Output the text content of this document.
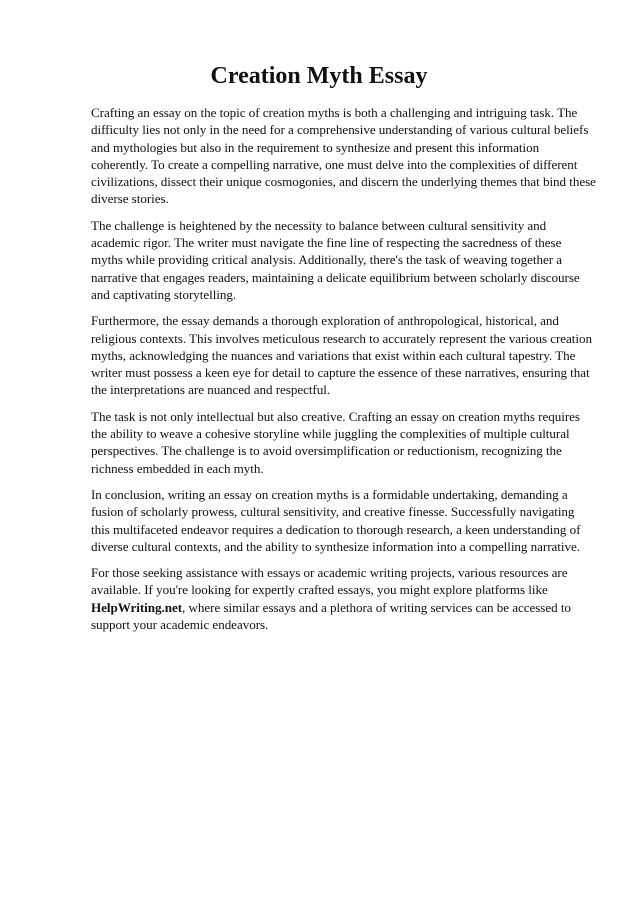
Creation Myth Essay

Crafting an essay on the topic of creation myths is both a challenging and intriguing task. The difficulty lies not only in the need for a comprehensive understanding of various cultural beliefs and mythologies but also in the requirement to synthesize and present this information coherently. To create a compelling narrative, one must delve into the complexities of different civilizations, dissect their unique cosmogonies, and discern the underlying themes that bind these diverse stories.

The challenge is heightened by the necessity to balance between cultural sensitivity and academic rigor. The writer must navigate the fine line of respecting the sacredness of these myths while providing critical analysis. Additionally, there's the task of weaving together a narrative that engages readers, maintaining a delicate equilibrium between scholarly discourse and captivating storytelling.

Furthermore, the essay demands a thorough exploration of anthropological, historical, and religious contexts. This involves meticulous research to accurately represent the various creation myths, acknowledging the nuances and variations that exist within each cultural tapestry. The writer must possess a keen eye for detail to capture the essence of these narratives, ensuring that the interpretations are nuanced and respectful.

The task is not only intellectual but also creative. Crafting an essay on creation myths requires the ability to weave a cohesive storyline while juggling the complexities of multiple cultural perspectives. The challenge is to avoid oversimplification or reductionism, recognizing the richness embedded in each myth.

In conclusion, writing an essay on creation myths is a formidable undertaking, demanding a fusion of scholarly prowess, cultural sensitivity, and creative finesse. Successfully navigating this multifaceted endeavor requires a dedication to thorough research, a keen understanding of diverse cultural contexts, and the ability to synthesize information into a compelling narrative.

For those seeking assistance with essays or academic writing projects, various resources are available. If you're looking for expertly crafted essays, you might explore platforms like HelpWriting.net, where similar essays and a plethora of writing services can be accessed to support your academic endeavors.
